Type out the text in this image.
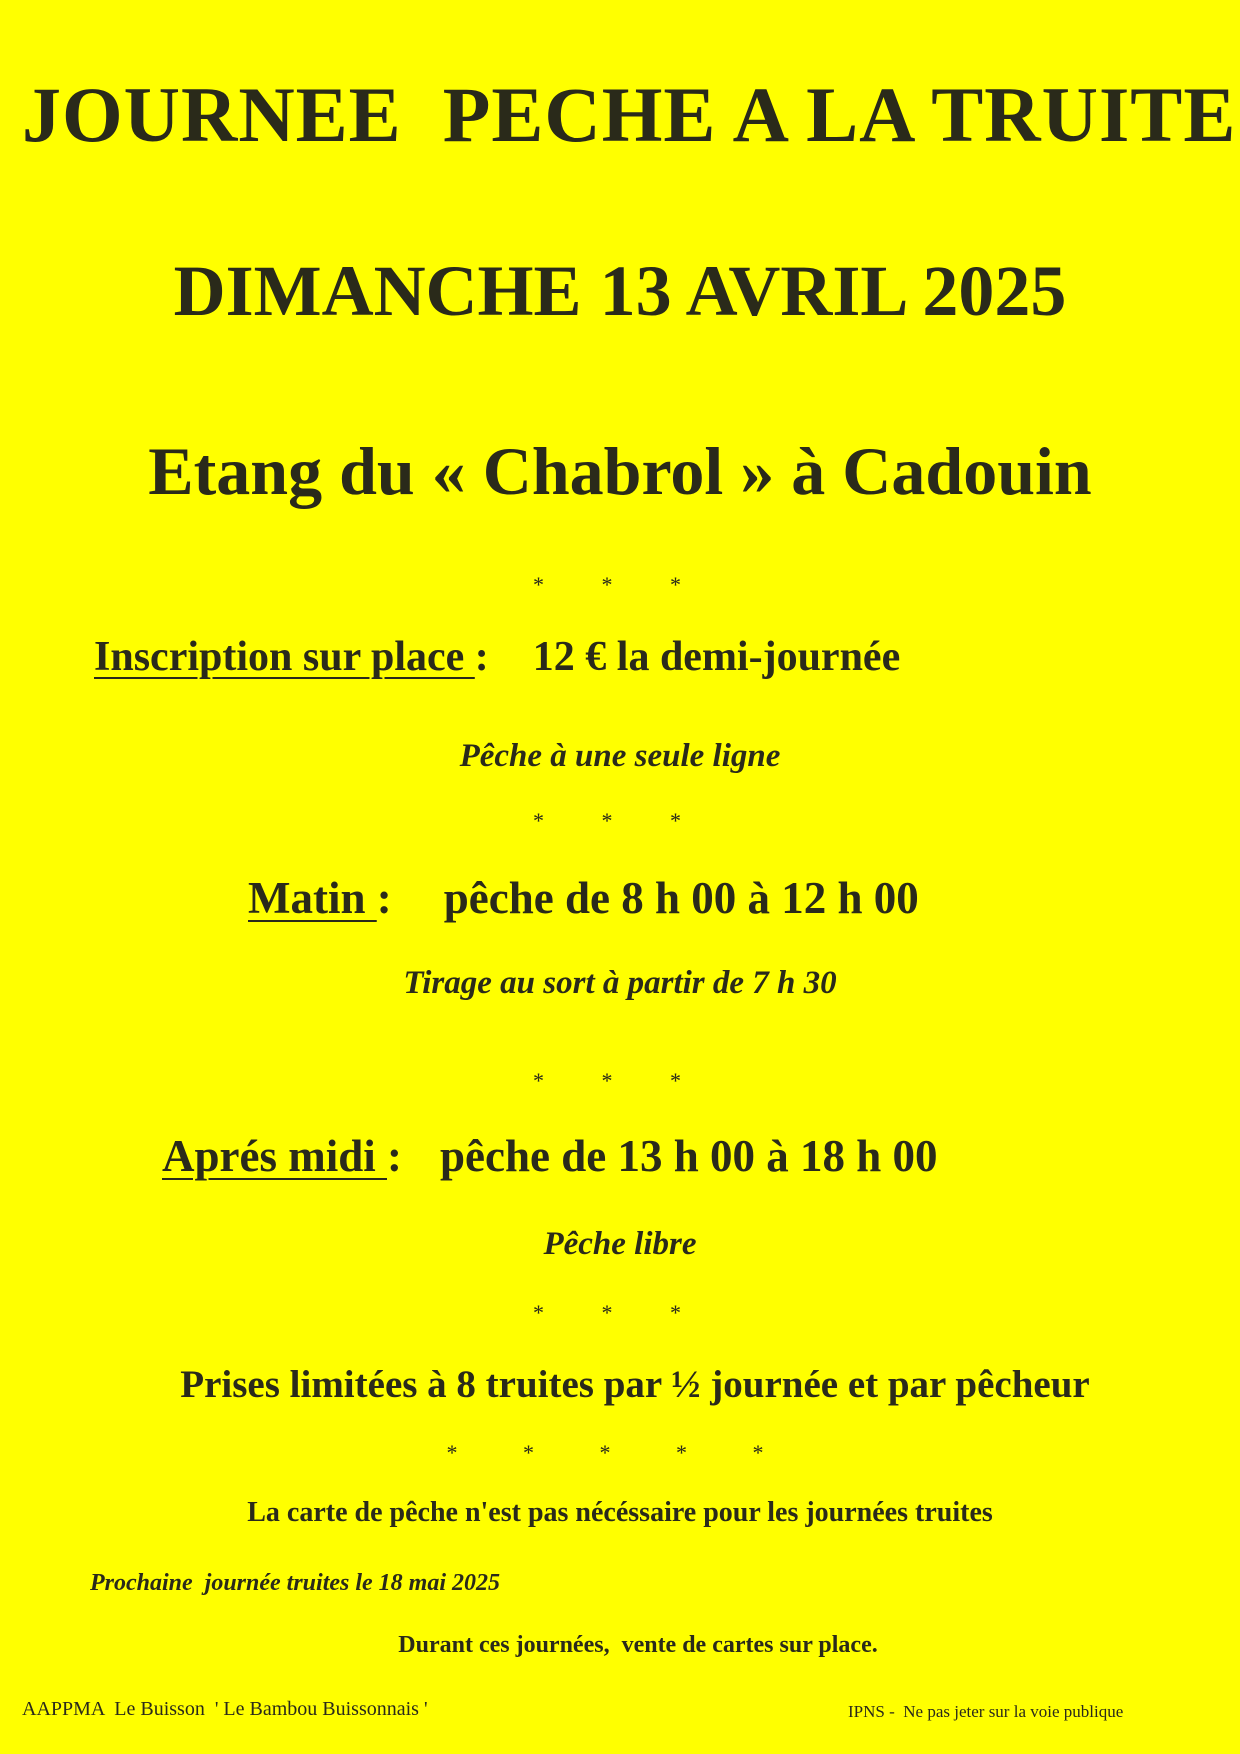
JOURNEE  PECHE A LA TRUITE
DIMANCHE 13 AVRIL 2025
Etang du « Chabrol » à Cadouin
* * *
Inscription sur place : 12 € la demi-journée
Pêche à une seule ligne
* * *
Matin : pêche de 8 h 00 à 12 h 00
Tirage au sort à partir de 7 h 30
* * *
Aprés midi : pêche de 13 h 00 à 18 h 00
Pêche libre
* * *
Prises limitées à 8 truites par ½ journée et par pêcheur
* * * * *
La carte de pêche n'est pas nécéssaire pour les journées truites
Prochaine  journée truites le 18 mai 2025
Durant ces journées,  vente de cartes sur place.
AAPPMA  Le Buisson  ' Le Bambou Buissonnais '	IPNS -  Ne pas jeter sur la voie publique
